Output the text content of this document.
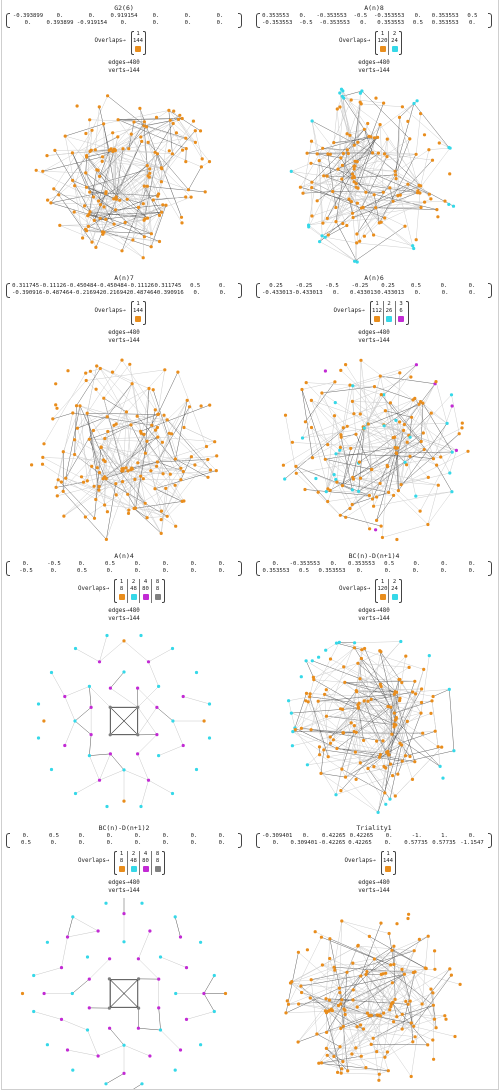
G2(6)
-0.393899	0.	0.	0.919154	0.	0.	0.
0.	0.393899 -0.919154	0.	0.	0.	0.
Overlaps→
1
144
edges→480
verts→144
A(n)8
0.353553	0.	-0.353553	-0.5	-0.353553	0.	0.353553	0.5
-0.353553	-0.5	-0.353553	0.	0.353553	0.5	0.353553	0.
Overlaps→
1
120
2
24
edges→480
verts→144
A(n)7
0.311745 -0.11126 -0.450484 -0.450484 -0.11126 0.311745	0.5	0.
-0.390916 -0.487464 -0.216942 0.216942 0.487464 0.390916	0.	0.
Overlaps→
1
144
edges→480
verts→144
A(n)6
0.25	-0.25	-0.5	-0.25	0.25	0.5	0.	0.
-0.433013 -0.433013	0.	0.433013 0.433013	0.	0.	0.
Overlaps→
1
112
2
26
3
6
edges→480
verts→144
A(n)4
0.	-0.5	0.	0.5	0.	0.	0.	0.
-0.5	0.	0.5	0.	0.	0.	0.	0.
Overlaps→
1
8
2
48
4
80
8
8
edges→480
verts→144
BC(n)-D(n+1)4
0.	-0.353553	0.	0.353553	0.5	0.	0.	0.
0.353553	0.5	0.353553	0.	0.	0.	0.	0.
Overlaps→
1
120
2
24
edges→480
verts→144
BC(n)-D(n+1)2
0.	0.5	0.	0.	0.	0.	0.	0.
0.5	0.	0.	0.	0.	0.	0.	0.
Overlaps→
1
8
2
48
4
80
8
8
edges→480
verts→144
Triality1
-0.309401	0.	0.42265 0.42265	0.	-1.	1.	0.
0.	0.309401 -0.42265 0.42265	0.	0.57735 0.57735 -1.1547
Overlaps→
1
144
edges→480
verts→144
